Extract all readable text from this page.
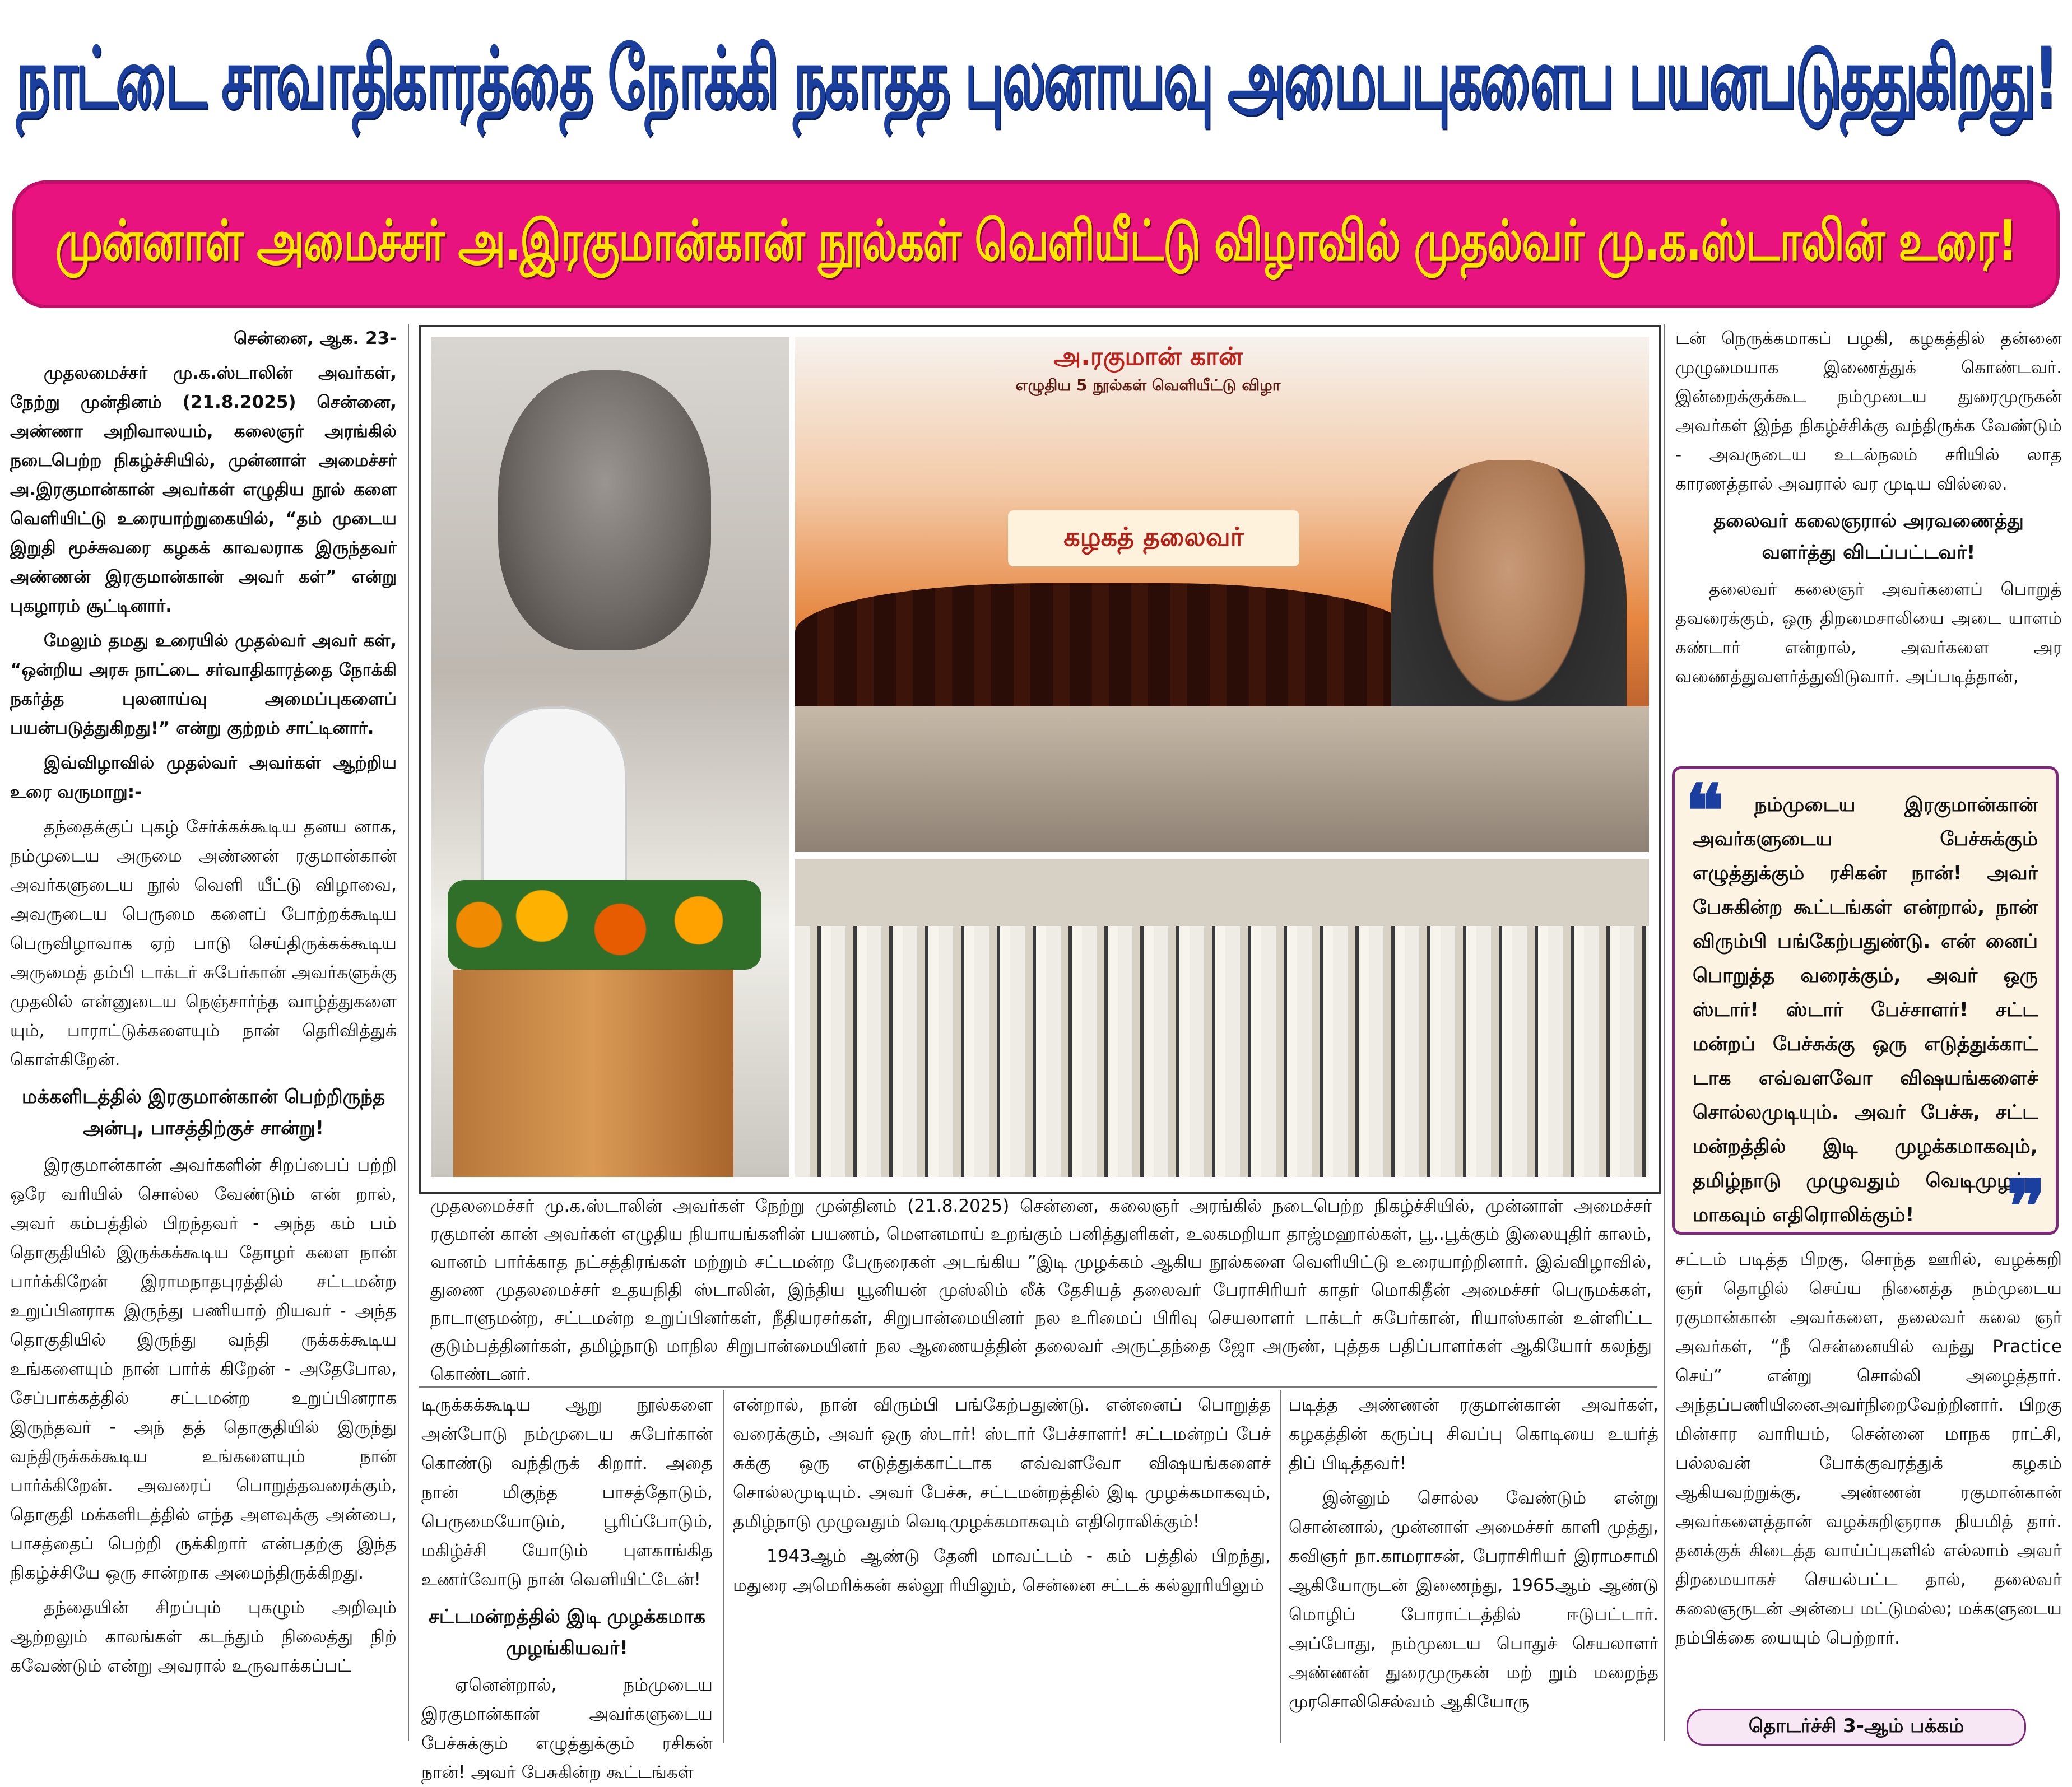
நாட்டை சாவாதிகாரத்தை நோக்கி நகாதத புலனாயவு அமைபபுகளைப பயனபடுததுகிறது!
முன்னாள் அமைச்சர் அ.இரகுமான்கான் நூல்கள் வெளியீட்டு விழாவில் முதல்வர் மு.க.ஸ்டாலின் உரை!

சென்னை, ஆக. 23-

முதலமைச்சர் மு.க.ஸ்டாலின் அவர்கள், நேற்று முன்தினம் (21.8.2025) சென்னை, அண்ணா அறிவாலயம், கலைஞர் அரங்கில் நடைபெற்ற நிகழ்ச்சியில், முன்னாள் அமைச்சர் அ.இரகுமான்கான் அவர்கள் எழுதிய நூல் களை வெளியிட்டு உரையாற்றுகையில், “தம் முடைய இறுதி மூச்சுவரை கழகக் காவலராக இருந்தவர் அண்ணன் இரகுமான்கான் அவர் கள்” என்று புகழாரம் சூட்டினார்.

மேலும் தமது உரையில் முதல்வர் அவர் கள், “ஒன்றிய அரசு நாட்டை சர்வாதிகாரத்தை நோக்கி நகர்த்த புலனாய்வு அமைப்புகளைப் பயன்படுத்துகிறது!” என்று குற்றம் சாட்டினார்.

இவ்விழாவில் முதல்வர் அவர்கள் ஆற்றிய உரை வருமாறு:-

தந்தைக்குப் புகழ் சேர்க்கக்கூடிய தனய னாக, நம்முடைய அருமை அண்ணன் ரகுமான்கான் அவர்களுடைய நூல் வெளி யீட்டு விழாவை, அவருடைய பெருமை களைப் போற்றக்கூடிய பெருவிழாவாக ஏற் பாடு செய்திருக்கக்கூடிய அருமைத் தம்பி டாக்டர் சுபேர்கான் அவர்களுக்கு முதலில் என்னுடைய நெஞ்சார்ந்த வாழ்த்துகளை யும், பாராட்டுக்களையும் நான் தெரிவித்துக் கொள்கிறேன்.

மக்களிடத்தில் இரகுமான்கான் பெற்றிருந்த அன்பு, பாசத்திற்குச் சான்று!

இரகுமான்கான் அவர்களின் சிறப்பைப் பற்றி ஒரே வரியில் சொல்ல வேண்டும் என் றால், அவர் கம்பத்தில் பிறந்தவர் - அந்த கம் பம் தொகுதியில் இருக்கக்கூடிய தோழர் களை நான் பார்க்கிறேன் இராமநாதபுரத்தில் சட்டமன்ற உறுப்பினராக இருந்து பணியாற் றியவர் - அந்த தொகுதியில் இருந்து வந்தி ருக்கக்கூடிய உங்களையும் நான் பார்க் கிறேன் - அதேபோல, சேப்பாக்கத்தில் சட்டமன்ற உறுப்பினராக இருந்தவர் - அந் தத் தொகுதியில் இருந்து வந்திருக்கக்கூடிய உங்களையும் நான் பார்க்கிறேன். அவரைப் பொறுத்தவரைக்கும், தொகுதி மக்களிடத்தில் எந்த அளவுக்கு அன்பை, பாசத்தைப் பெற்றி ருக்கிறார் என்பதற்கு இந்த நிகழ்ச்சியே ஒரு சான்றாக அமைந்திருக்கிறது.

தந்தையின் சிறப்பும் புகழும் அறிவும் ஆற்றலும் காலங்கள் கடந்தும் நிலைத்து நிற் கவேண்டும் என்று அவரால் உருவாக்கப்பட்

அ.ரகுமான் கான்
எழுதிய 5 நூல்கள் வெளியீட்டு விழா
கழகத் தலைவர்
முதலமைச்சர் மு.க.ஸ்டாலின் அவர்கள் நேற்று முன்தினம் (21.8.2025) சென்னை, கலைஞர் அரங்கில் நடைபெற்ற நிகழ்ச்சியில், முன்னாள் அமைச்சர் ரகுமான் கான் அவர்கள் எழுதிய நியாயங்களின் பயணம், மௌனமாய் உறங்கும் பனித்துளிகள், உலகமறியா தாஜ்மஹால்கள், பூ..பூக்கும் இலையுதிர் காலம், வானம் பார்க்காத நட்சத்திரங்கள் மற்றும் சட்டமன்ற பேருரைகள் அடங்கிய ”இடி முழக்கம் ஆகிய நூல்களை வெளியிட்டு உரையாற்றினார். இவ்விழாவில், துணை முதலமைச்சர் உதயநிதி ஸ்டாலின், இந்திய யூனியன் முஸ்லிம் லீக் தேசியத் தலைவர் பேராசிரியர் காதர் மொகிதீன் அமைச்சர் பெருமக்கள், நாடாளுமன்ற, சட்டமன்ற உறுப்பினர்கள், நீதியரசர்கள், சிறுபான்மையினர் நல உரிமைப் பிரிவு செயலாளர் டாக்டர் சுபேர்கான், ரியாஸ்கான் உள்ளிட்ட குடும்பத்தினர்கள், தமிழ்நாடு மாநில சிறுபான்மையினர் நல ஆணையத்தின் தலைவர் அருட்தந்தை ஜோ அருண், புத்தக பதிப்பாளர்கள் ஆகியோர் கலந்து கொண்டனர்.

டிருக்கக்கூடிய ஆறு நூல்களை அன்போடு நம்முடைய சுபேர்கான் கொண்டு வந்திருக் கிறார். அதை நான் மிகுந்த பாசத்தோடும், பெருமையோடும், பூரிப்போடும், மகிழ்ச்சி யோடும் புளகாங்கித உணர்வோடு நான் வெளியிட்டேன்!

சட்டமன்றத்தில் இடி முழக்கமாக முழங்கியவர்!

ஏனென்றால், நம்முடைய இரகுமான்கான் அவர்களுடைய பேச்சுக்கும் எழுத்துக்கும் ரசிகன் நான்! அவர் பேசுகின்ற கூட்டங்கள்

என்றால், நான் விரும்பி பங்கேற்பதுண்டு. என்னைப் பொறுத்த வரைக்கும், அவர் ஒரு ஸ்டார்! ஸ்டார் பேச்சாளர்! சட்டமன்றப் பேச் சுக்கு ஒரு எடுத்துக்காட்டாக எவ்வளவோ விஷயங்களைச் சொல்லமுடியும். அவர் பேச்சு, சட்டமன்றத்தில் இடி முழக்கமாகவும், தமிழ்நாடு முழுவதும் வெடிமுழக்கமாகவும் எதிரொலிக்கும்!

1943ஆம் ஆண்டு தேனி மாவட்டம் - கம் பத்தில் பிறந்து, மதுரை அமெரிக்கன் கல்லூ ரியிலும், சென்னை சட்டக் கல்லூரியிலும்

படித்த அண்ணன் ரகுமான்கான் அவர்கள், கழகத்தின் கருப்பு சிவப்பு கொடியை உயர்த் திப் பிடித்தவர்!

இன்னும் சொல்ல வேண்டும் என்று சொன்னால், முன்னாள் அமைச்சர் காளி முத்து, கவிஞர் நா.காமராசன், பேராசிரியர் இராமசாமி ஆகியோருடன் இணைந்து, 1965ஆம் ஆண்டு மொழிப் போராட்டத்தில் ஈடுபட்டார். அப்போது, நம்முடைய பொதுச் செயலாளர் அண்ணன் துரைமுருகன் மற் றும் மறைந்த முரசொலிசெல்வம் ஆகியோரு

டன் நெருக்கமாகப் பழகி, கழகத்தில் தன்னை முழுமையாக இணைத்துக் கொண்டவர். இன்றைக்குக்கூட நம்முடைய துரைமுருகன் அவர்கள் இந்த நிகழ்ச்சிக்கு வந்திருக்க வேண்டும் - அவருடைய உடல்நலம் சரியில் லாத காரணத்தால் அவரால் வர முடிய வில்லை.

தலைவர் கலைஞரால் அரவணைத்து வளர்த்து விடப்பட்டவர்!

தலைவர் கலைஞர் அவர்களைப் பொறுத் தவரைக்கும், ஒரு திறமைசாலியை அடை யாளம் கண்டார் என்றால், அவர்களை அர வணைத்துவளர்த்துவிடுவார். அப்படித்தான்,

❝	நம்முடைய இரகுமான்கான் அவர்களுடைய பேச்சுக்கும் எழுத்துக்கும் ரசிகன் நான்! அவர் பேசுகின்ற கூட்டங்கள் என்றால், நான் விரும்பி பங்கேற்பதுண்டு. என் னைப் பொறுத்த வரைக்கும், அவர் ஒரு ஸ்டார்! ஸ்டார் பேச்சாளர்! சட்ட மன்றப் பேச்சுக்கு ஒரு எடுத்துக்காட் டாக எவ்வளவோ விஷயங்களைச் சொல்லமுடியும். அவர் பேச்சு, சட்ட மன்றத்தில் இடி முழக்கமாகவும், தமிழ்நாடு முழுவதும் வெடிமுழக்க மாகவும் எதிரொலிக்கும்!	❞

சட்டம் படித்த பிறகு, சொந்த ஊரில், வழக்கறி ஞர் தொழில் செய்ய நினைத்த நம்முடைய ரகுமான்கான் அவர்களை, தலைவர் கலை ஞர் அவர்கள், “நீ சென்னையில் வந்து Practice செய்” என்று சொல்லி அழைத்தார். அந்தப்பணியினைஅவர்நிறைவேற்றினார். பிறகு மின்சார வாரியம், சென்னை மாநக ராட்சி, பல்லவன் போக்குவரத்துக் கழகம் ஆகியவற்றுக்கு, அண்ணன் ரகுமான்கான் அவர்களைத்தான் வழக்கறிஞராக நியமித் தார். தனக்குக் கிடைத்த வாய்ப்புகளில் எல்லாம் அவர் திறமையாகச் செயல்பட்ட தால், தலைவர் கலைஞருடன் அன்பை மட்டுமல்ல; மக்களுடைய நம்பிக்கை யையும் பெற்றார்.

தொடர்ச்சி 3-ஆம் பக்கம்
